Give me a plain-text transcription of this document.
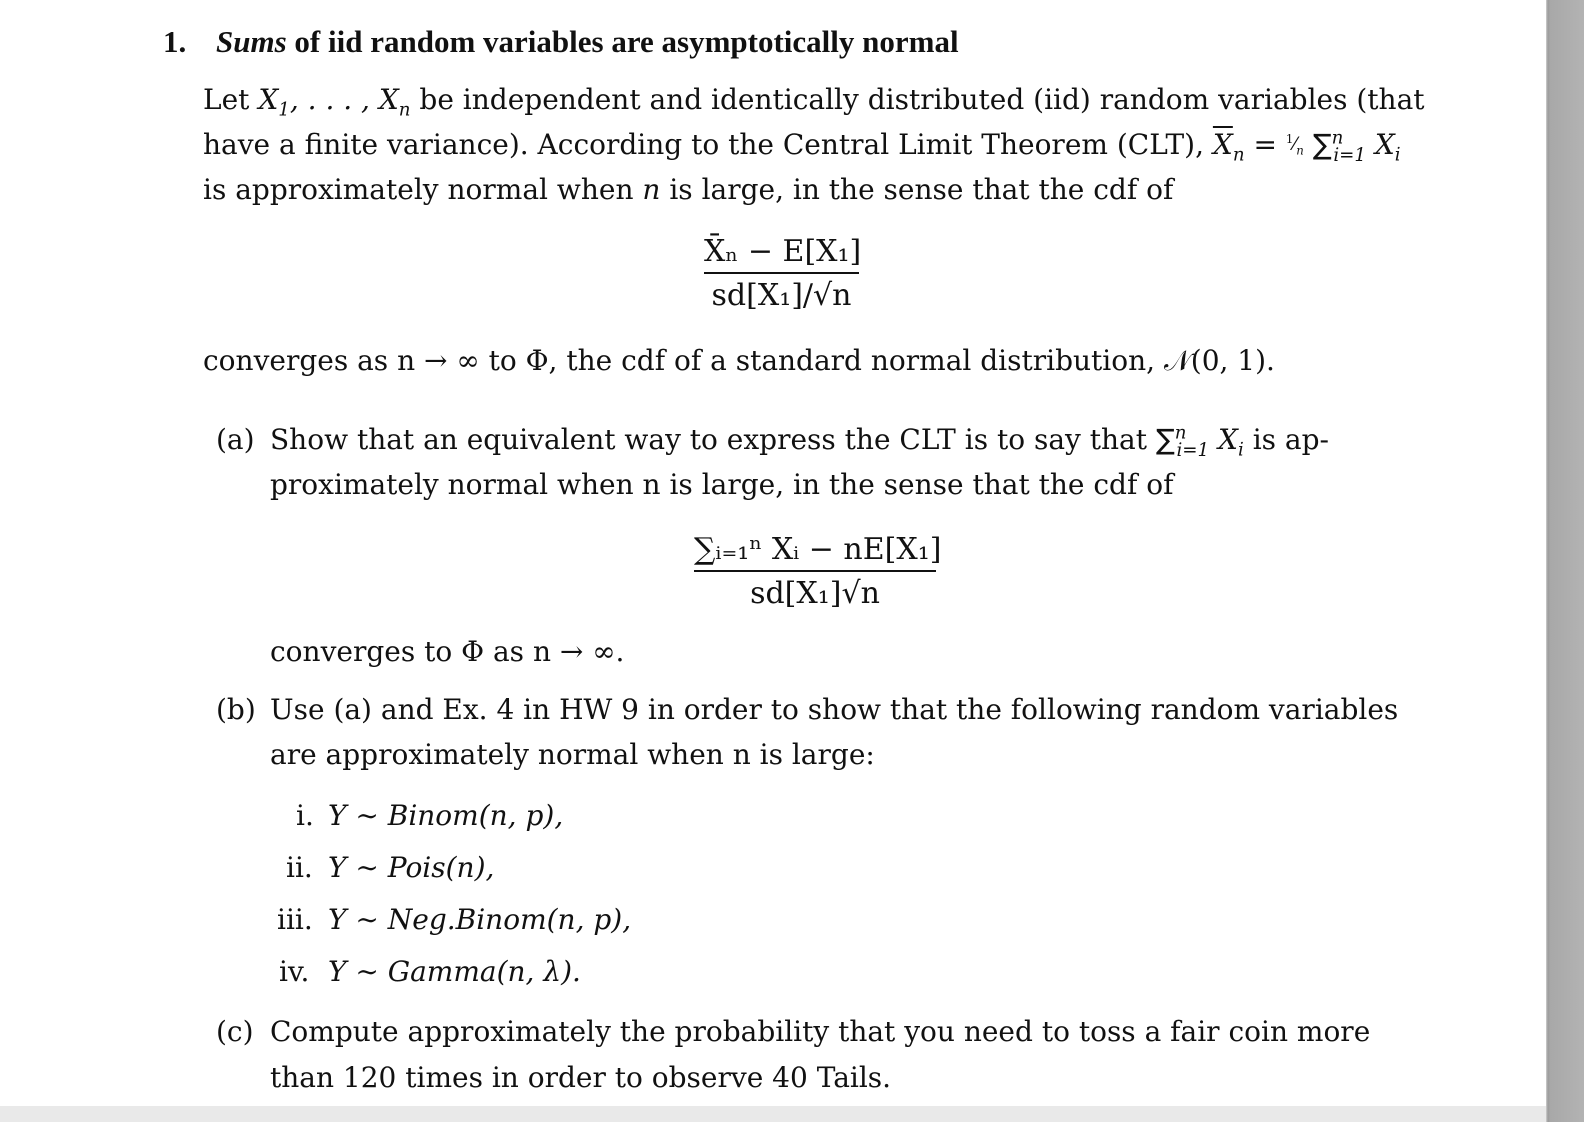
1. Sums of iid random variables are asymptotically normal
Let $X_1$, . . . , $X_n$ be independent and identically distributed (iid) random variables (that
have a finite variance). According to the Central Limit Theorem (CLT), $\overline{X}_n$ = $^1⁄_n$ ∑$^n_{i=1}$ $X_i$
is approximately normal when n is large, in the sense that the cdf of
X̄ₙ − E[X₁]
sd[X₁]/√n
converges as n → ∞ to Φ, the cdf of a standard normal distribution, 𝒩(0, 1).
(a) Show that an equivalent way to express the CLT is to say that ∑$^n_{i=1}$ $X_i$ is ap-
proximately normal when n is large, in the sense that the cdf of
∑ᵢ₌₁ⁿ Xᵢ − nE[X₁]
sd[X₁]√n
converges to Φ as n → ∞.
(b) Use (a) and Ex. 4 in HW 9 in order to show that the following random variables
are approximately normal when n is large:
i. Y ∼ Binom(n, p),
ii. Y ∼ Pois(n),
iii. Y ∼ Neg.Binom(n, p),
iv. Y ∼ Gamma(n, λ).
(c) Compute approximately the probability that you need to toss a fair coin more
than 120 times in order to observe 40 Tails.
